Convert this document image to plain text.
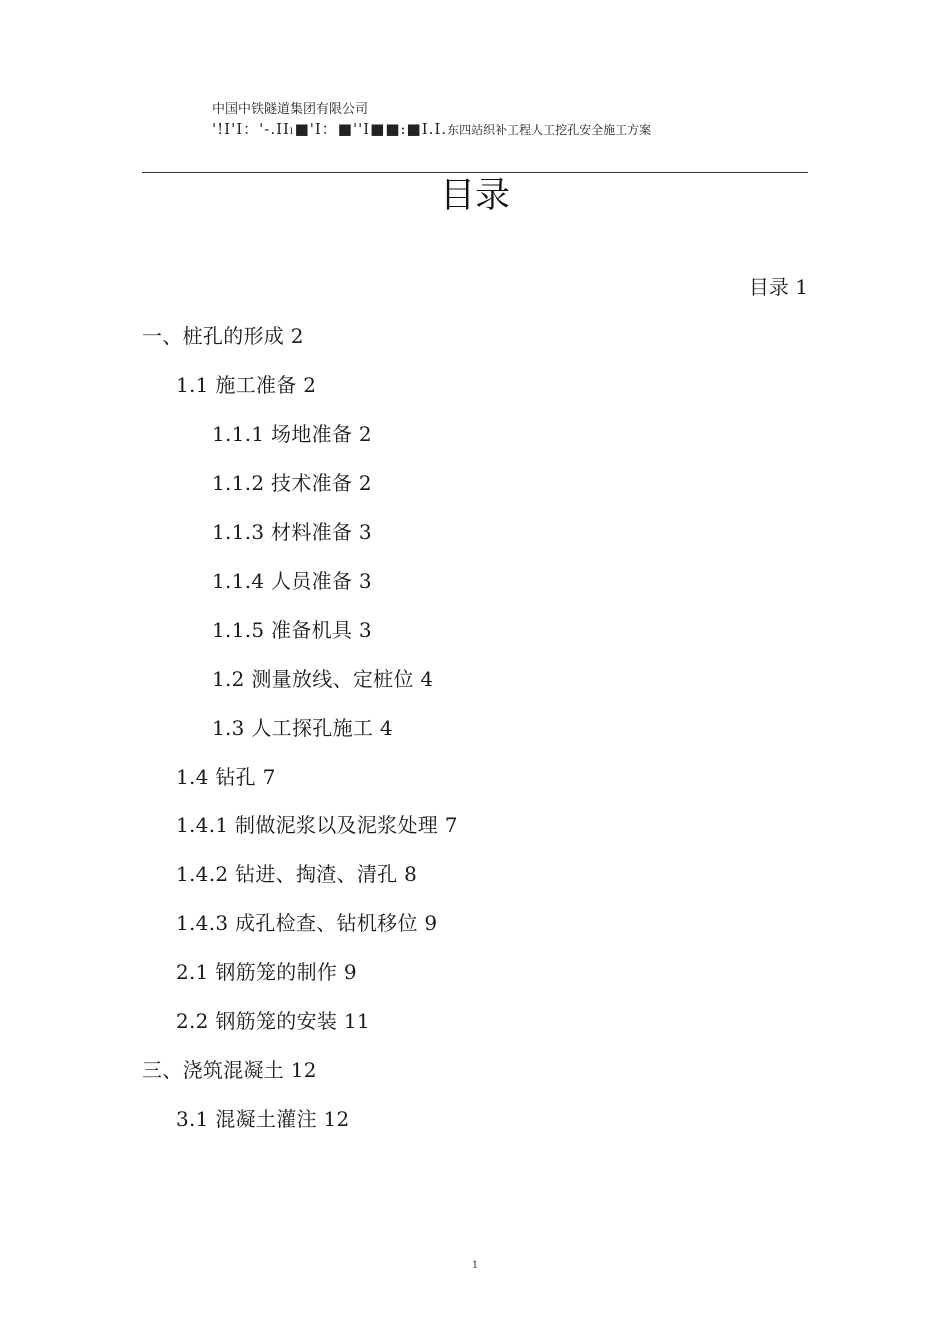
中国中铁隧道集团有限公司
'!I'I：'-.IIₗ■'I：■''I■■:■I.I.东四站织补工程人工挖孔安全施工方案
目录
目录 1
一、桩孔的形成 2
1.1 施工准备 2
1.1.1 场地准备 2
1.1.2 技术准备 2
1.1.3 材料准备 3
1.1.4 人员准备 3
1.1.5 准备机具 3
1.2 测量放线、定桩位 4
1.3 人工探孔施工 4
1.4 钻孔 7
1.4.1 制做泥浆以及泥浆处理 7
1.4.2 钻进、掏渣、清孔 8
1.4.3 成孔检查、钻机移位 9
2.1 钢筋笼的制作 9
2.2 钢筋笼的安装 11
三、浇筑混凝土 12
3.1 混凝土灌注 12
1
